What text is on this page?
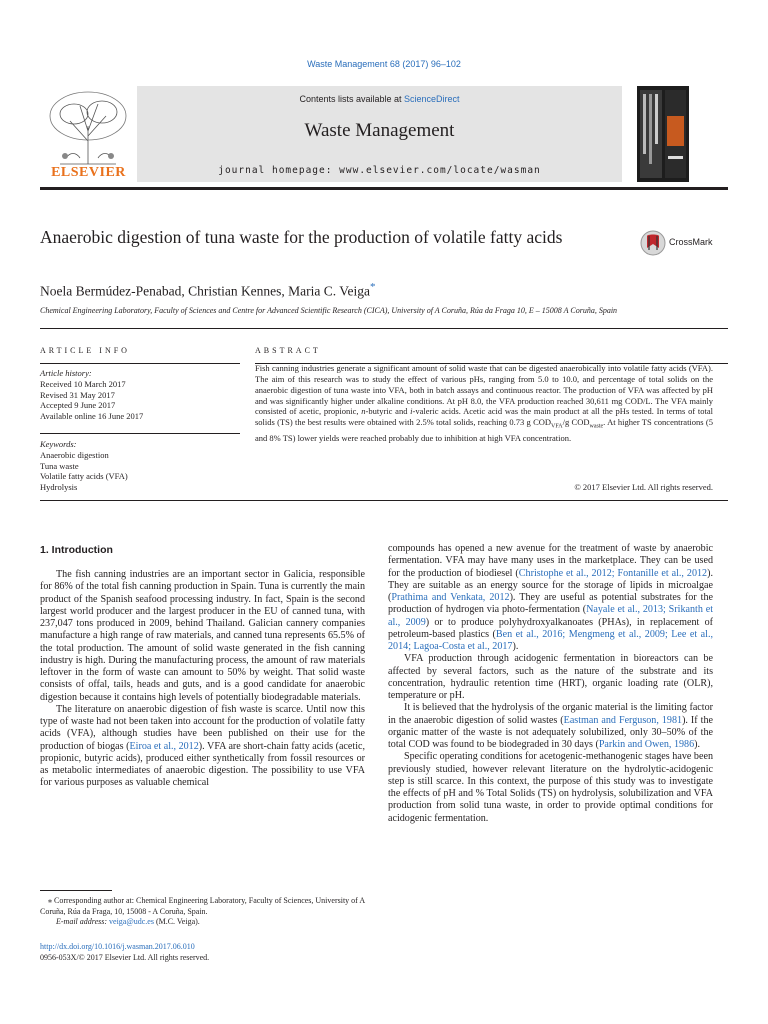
Waste Management 68 (2017) 96–102
ELSEVIER
Contents lists available at ScienceDirect
Waste Management
journal homepage: www.elsevier.com/locate/wasman
Anaerobic digestion of tuna waste for the production of volatile fatty acids	CrossMark
Noela Bermúdez-Penabad, Christian Kennes, Maria C. Veiga*
Chemical Engineering Laboratory, Faculty of Sciences and Centre for Advanced Scientific Research (CICA), University of A Coruña, Rúa da Fraga 10, E – 15008 A Coruña, Spain
ARTICLE INFO	ABSTRACT
Article history:
Received 10 March 2017
Revised 31 May 2017
Accepted 9 June 2017
Available online 16 June 2017
Keywords:
Anaerobic digestion
Tuna waste
Volatile fatty acids (VFA)
Hydrolysis
Fish canning industries generate a significant amount of solid waste that can be digested anaerobically into volatile fatty acids (VFA). The aim of this research was to study the effect of various pHs, ranging from 5.0 to 10.0, and percentage of total solids on the anaerobic digestion of tuna waste into VFA, both in batch assays and continuous reactor. The production of VFA was affected by pH and was significantly higher under alkaline conditions. At pH 8.0, the VFA production reached 30,611 mg COD/L. The VFA mainly consisted of acetic, propionic, n-butyric and i-valeric acids. Acetic acid was the main product at all the pHs tested. In terms of total solids (TS) the best results were obtained with 2.5% total solids, reaching 0.73 g $COD_{VFA}/g$ $COD_{waste}$. At higher TS concentrations (5 and 8% TS) lower yields were reached probably due to inhibition at high VFA concentration.
© 2017 Elsevier Ltd. All rights reserved.
1. Introduction

The fish canning industries are an important sector in Galicia, responsible for 86% of the total fish canning production in Spain. Tuna is currently the main product of the Spanish seafood processing industry. In fact, Spain is the second largest world producer and the largest producer in the EU of canned tuna, with 237,047 tons produced in 2009, behind Thailand. Galician cannery companies manufacture a high range of raw materials, and canned tuna represents 65.5% of the total production. The amount of solid waste generated in the fish canning industry is high. During the manufacturing process, the amount of raw materials leftover in the form of waste can amount to 50% by weight. That solid waste consists of offal, tails, heads and guts, and is a good candidate for anaerobic digestion because it contains high levels of potentially biodegradable materials.

The literature on anaerobic digestion of fish waste is scarce. Until now this type of waste had not been taken into account for the production of volatile fatty acids (VFA), although studies have been published on their use for the production of biogas (Eiroa et al., 2012). VFA are short-chain fatty acids (acetic, propionic, butyric acids), produced either synthetically from fossil resources or as metabolic intermediates of anaerobic digestion. The possibility to use VFA for various purposes as valuable chemical

compounds has opened a new avenue for the treatment of waste by anaerobic fermentation. VFA may have many uses in the marketplace. They can be used for the production of biodiesel (Christophe et al., 2012; Fontanille et al., 2012). They are suitable as an energy source for the storage of lipids in microalgae (Prathima and Venkata, 2012). They are useful as potential substrates for the production of hydrogen via photo-fermentation (Nayale et al., 2013; Srikanth et al., 2009) or to produce polyhydroxyalkanoates (PHAs), in replacement of petroleum-based plastics (Ben et al., 2016; Mengmeng et al., 2009; Lee et al., 2014; Lagoa-Costa et al., 2017).

VFA production through acidogenic fermentation in bioreactors can be affected by several factors, such as the nature of the substrate and its concentration, hydraulic retention time (HRT), organic loading rate (OLR), temperature or pH.

It is believed that the hydrolysis of the organic material is the limiting factor in the anaerobic digestion of solid wastes (Eastman and Ferguson, 1981). If the organic matter of the waste is not adequately solubilized, only 30–50% of the total COD was found to be biodegraded in 30 days (Parkin and Owen, 1986).

Specific operating conditions for acetogenic-methanogenic stages have been previously studied, however relevant literature on the hydrolytic-acidogenic step is still scarce. In this context, the purpose of this study was to investigate the effects of pH and % Total Solids (TS) on hydrolysis, solubilization and VFA production from solid tuna waste, in order to provide optimal conditions for acidogenic fermentation.

⁎ Corresponding author at: Chemical Engineering Laboratory, Faculty of Sciences, University of A Coruña, Rúa da Fraga, 10, 15008 - A Coruña, Spain.
E-mail address: veiga@udc.es (M.C. Veiga).
http://dx.doi.org/10.1016/j.wasman.2017.06.010
0956-053X/© 2017 Elsevier Ltd. All rights reserved.
